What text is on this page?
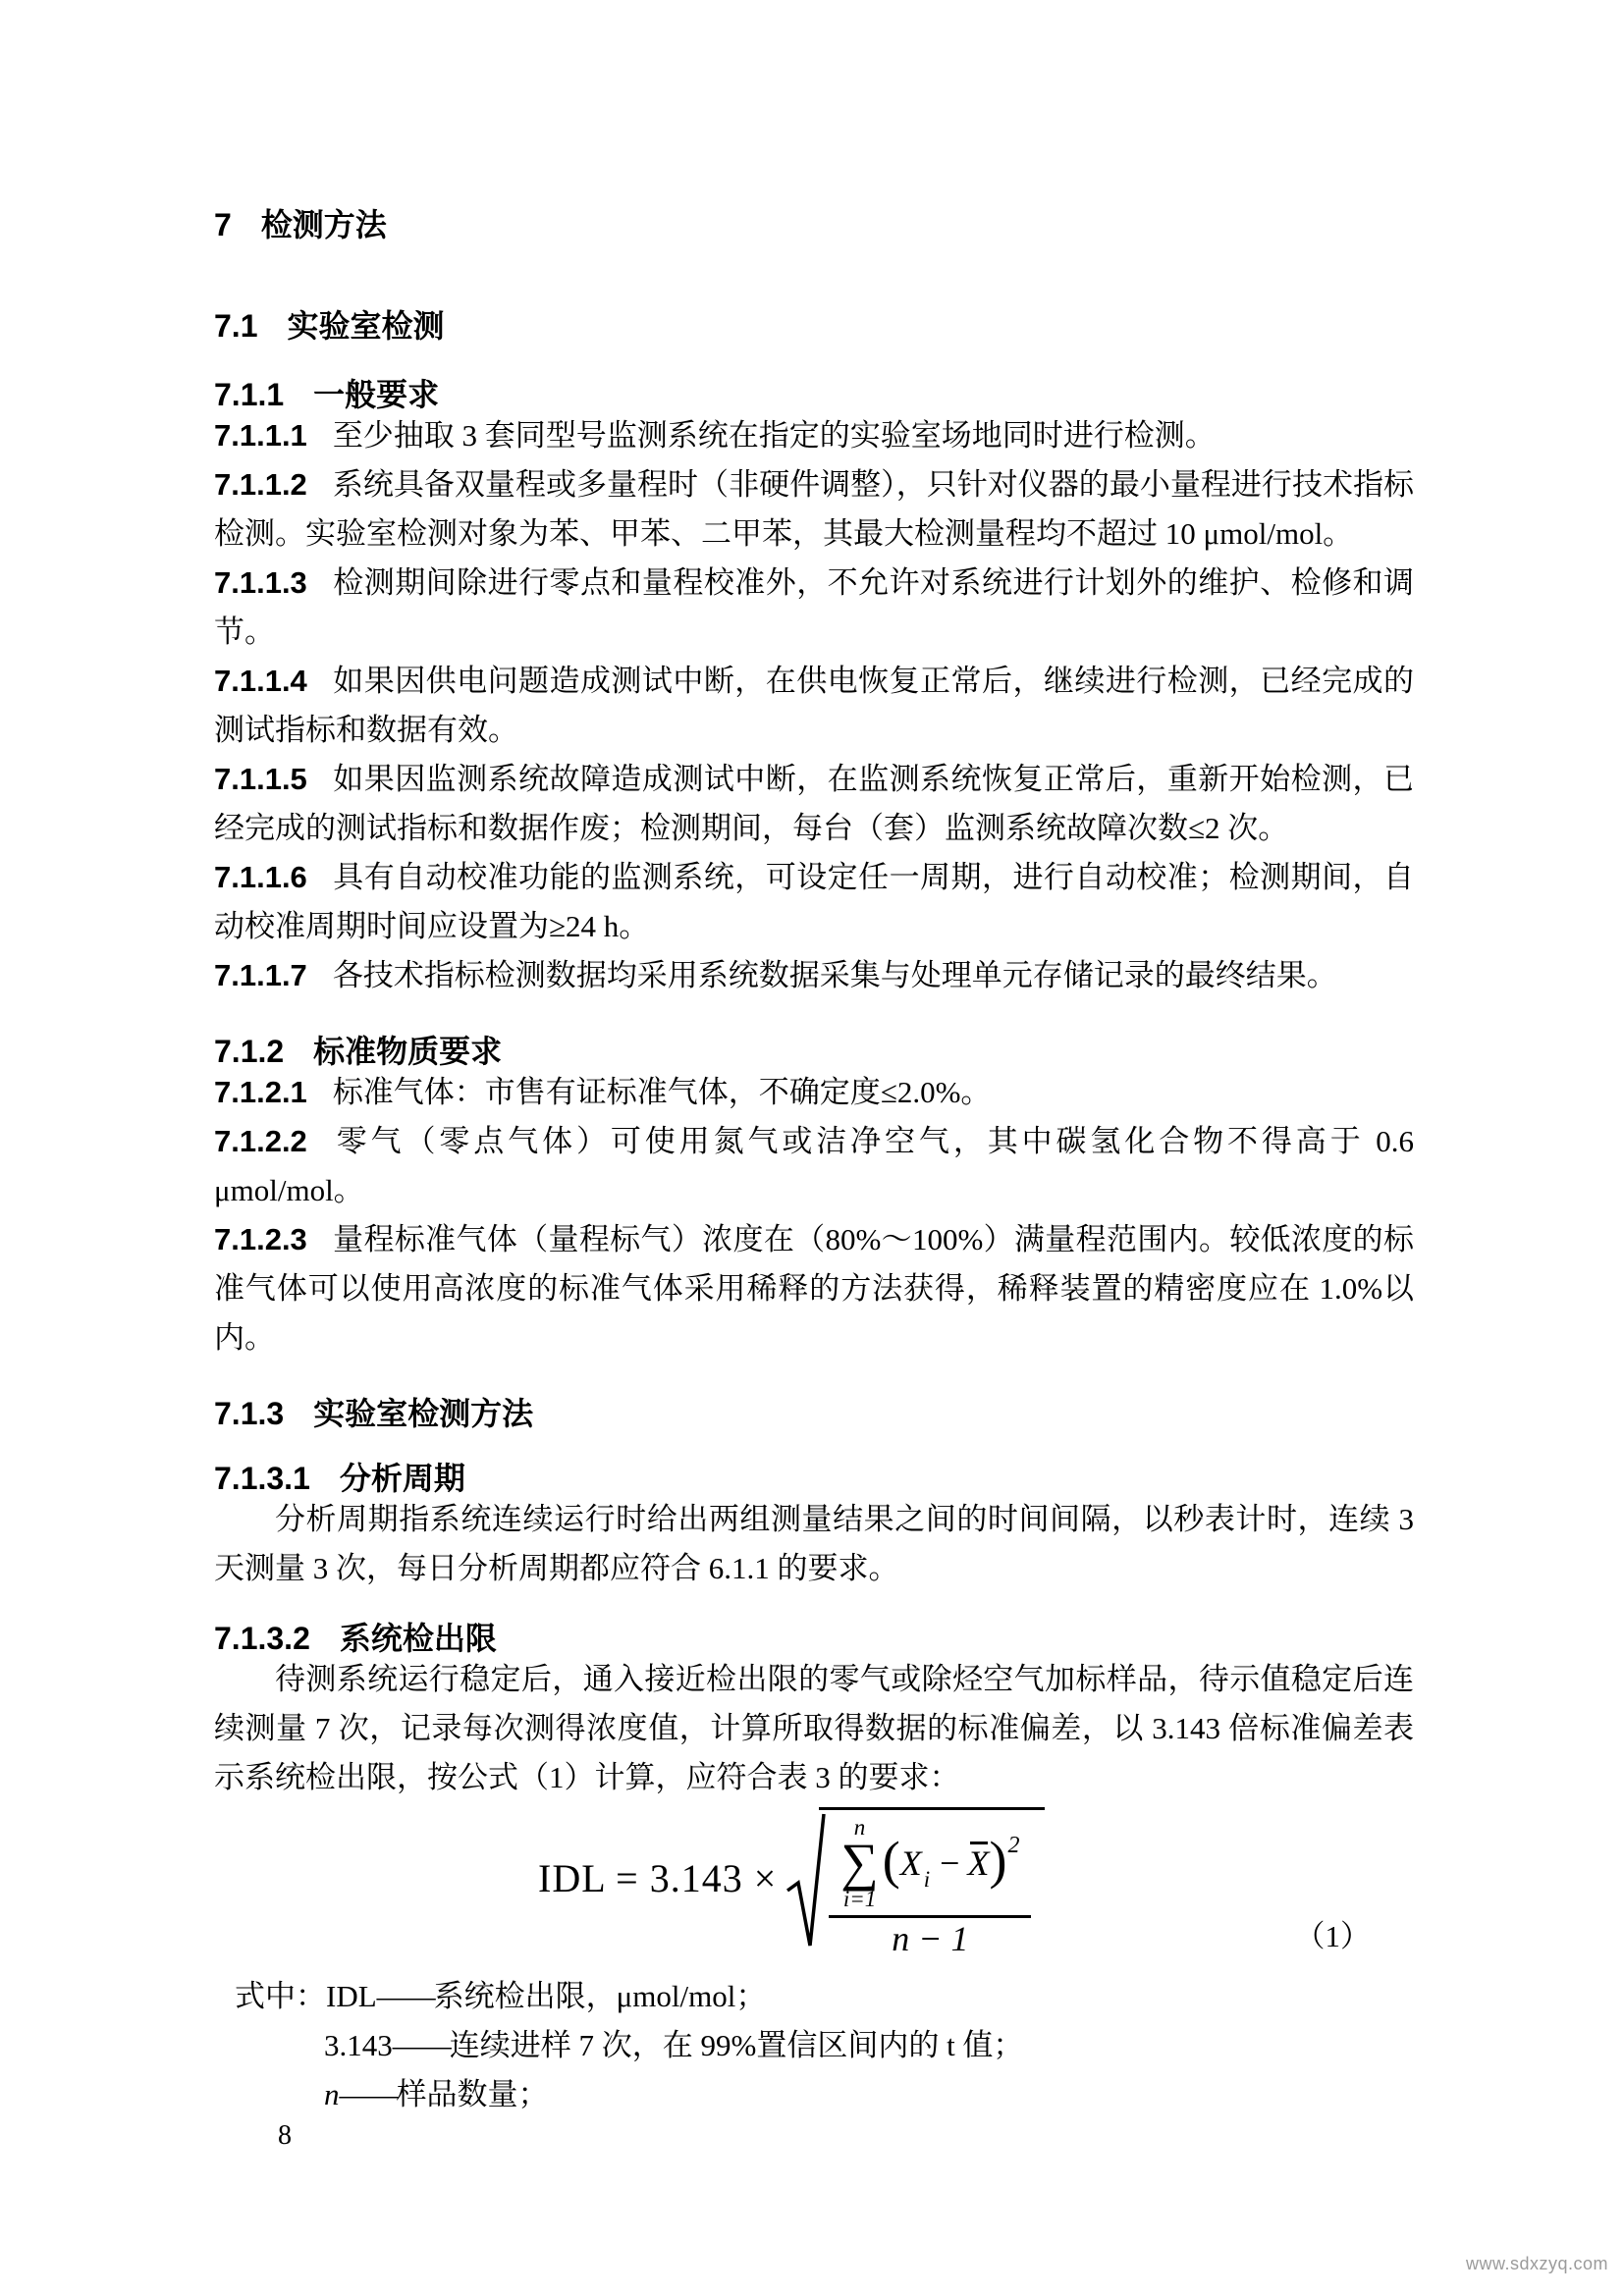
7 检测方法
7.1 实验室检测
7.1.1 一般要求

7.1.1.1 至少抽取 3 套同型号监测系统在指定的实验室场地同时进行检测。

7.1.1.2 系统具备双量程或多量程时（非硬件调整），只针对仪器的最小量程进行技术指标检测。实验室检测对象为苯、甲苯、二甲苯，其最大检测量程均不超过 10 μmol/mol。

7.1.1.3 检测期间除进行零点和量程校准外，不允许对系统进行计划外的维护、检修和调节。

7.1.1.4 如果因供电问题造成测试中断，在供电恢复正常后，继续进行检测，已经完成的测试指标和数据有效。

7.1.1.5 如果因监测系统故障造成测试中断，在监测系统恢复正常后，重新开始检测，已经完成的测试指标和数据作废；检测期间，每台（套）监测系统故障次数≤2 次。

7.1.1.6 具有自动校准功能的监测系统，可设定任一周期，进行自动校准；检测期间，自动校准周期时间应设置为≥24 h。

7.1.1.7 各技术指标检测数据均采用系统数据采集与处理单元存储记录的最终结果。

7.1.2 标准物质要求

7.1.2.1 标准气体：市售有证标准气体，不确定度≤2.0%。

7.1.2.2 零气（零点气体）可使用氮气或洁净空气，其中碳氢化合物不得高于 0.6 μmol/mol。

7.1.2.3 量程标准气体（量程标气）浓度在（80%～100%）满量程范围内。较低浓度的标准气体可以使用高浓度的标准气体采用稀释的方法获得，稀释装置的精密度应在 1.0%以内。

7.1.3 实验室检测方法
7.1.3.1 分析周期

分析周期指系统连续运行时给出两组测量结果之间的时间间隔，以秒表计时，连续 3 天测量 3 次，每日分析周期都应符合 6.1.1 的要求。

7.1.3.2 系统检出限

待测系统运行稳定后，通入接近检出限的零气或除烃空气加标样品，待示值稳定后连续测量 7 次，记录每次测得浓度值，计算所取得数据的标准偏差，以 3.143 倍标准偏差表示系统检出限，按公式（1）计算，应符合表 3 的要求：

IDL = 3.143 ×
n
∑
i=1
( X i − X ) 2
n − 1	（1）

式中：IDL——系统检出限，μmol/mol；

3.143——连续进样 7 次，在 99%置信区间内的 t 值；

n——样品数量；

8
www.sdxzyq.com
